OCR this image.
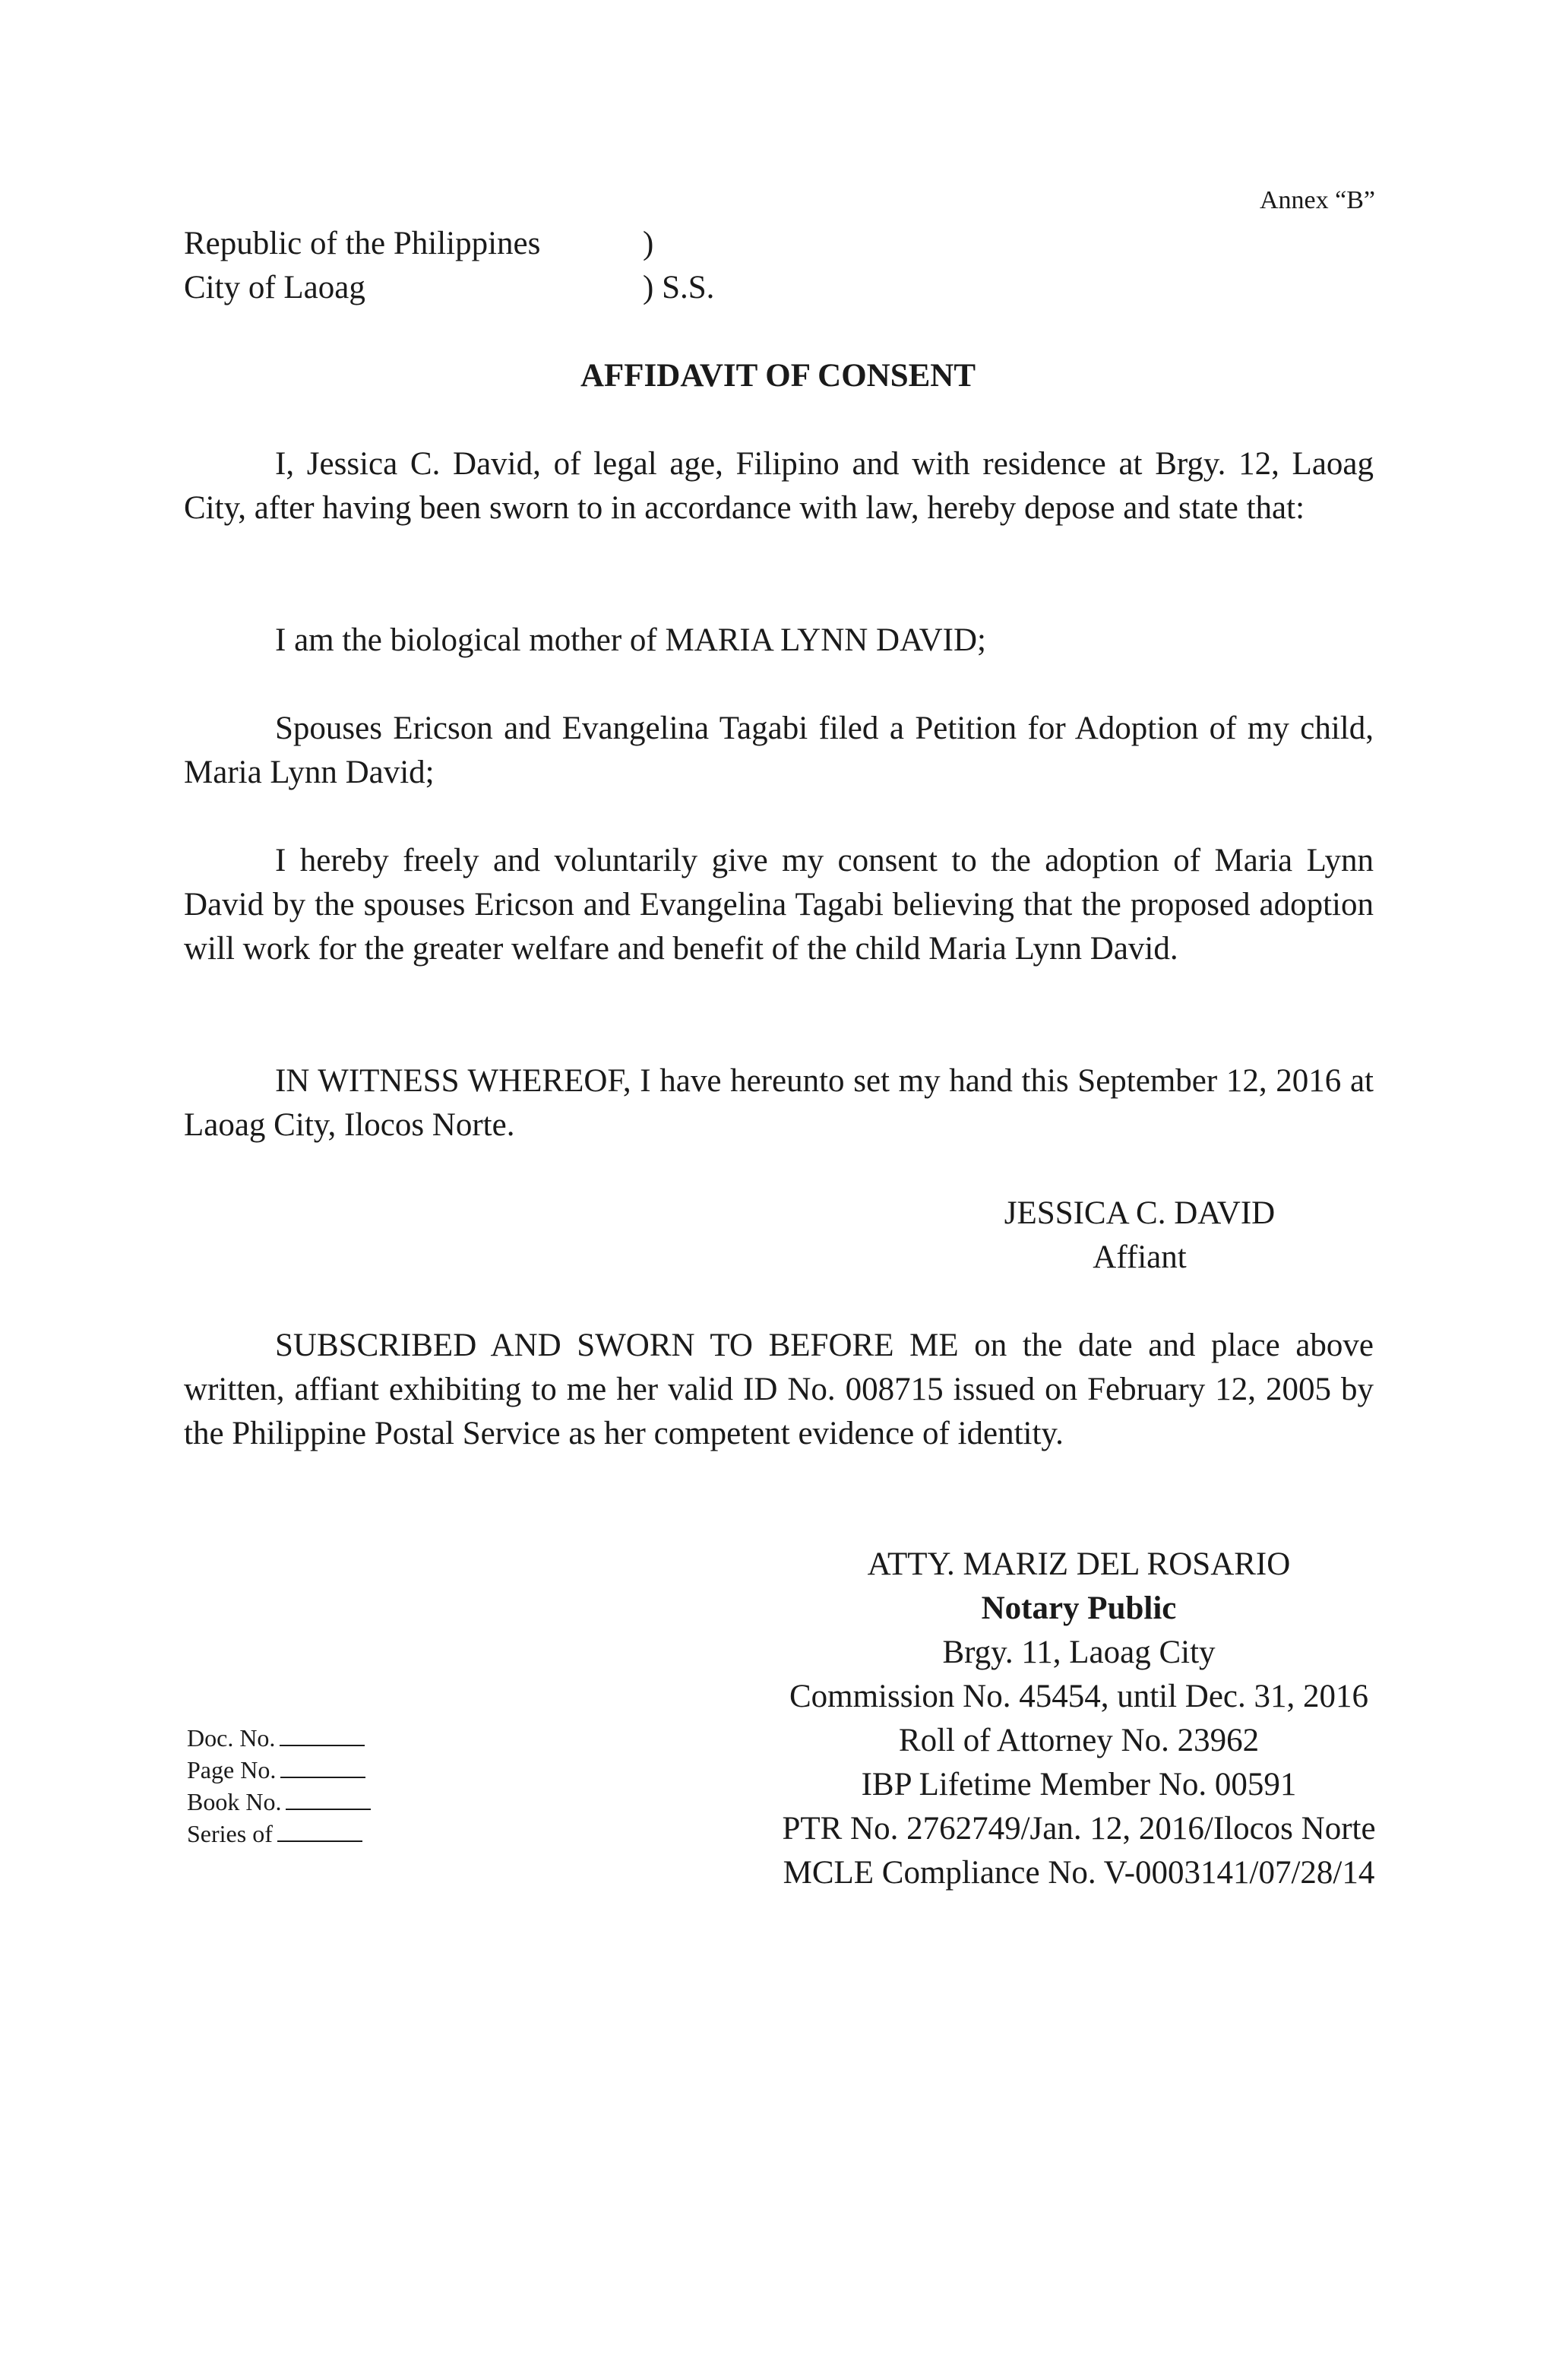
Annex “B”
Republic of the Philippines	)
City of Laoag	) S.S.
AFFIDAVIT OF CONSENT

I, Jessica C. David, of legal age, Filipino and with residence at Brgy. 12, Laoag City, after having been sworn to in accordance with law, hereby depose and state that:

I am the biological mother of MARIA LYNN DAVID;

Spouses Ericson and Evangelina Tagabi filed a Petition for Adoption of my child, Maria Lynn David;

I hereby freely and voluntarily give my consent to the adoption of Maria Lynn David by the spouses Ericson and Evangelina Tagabi believing that the proposed adoption will work for the greater welfare and benefit of the child Maria Lynn David.

IN WITNESS WHEREOF, I have hereunto set my hand this September 12, 2016 at Laoag City, Ilocos Norte.

JESSICA C. DAVID
Affiant

SUBSCRIBED AND SWORN TO BEFORE ME on the date and place above written, affiant exhibiting to me her valid ID No. 008715 issued on February 12, 2005 by the Philippine Postal Service as her competent evidence of identity.

ATTY. MARIZ DEL ROSARIO
Notary Public
Brgy. 11, Laoag City
Commission No. 45454, until Dec. 31, 2016
Roll of Attorney No. 23962
IBP Lifetime Member No. 00591
PTR No. 2762749/Jan. 12, 2016/Ilocos Norte
MCLE Compliance No. V-0003141/07/28/14
Doc. No.
Page No.
Book No.
Series of
